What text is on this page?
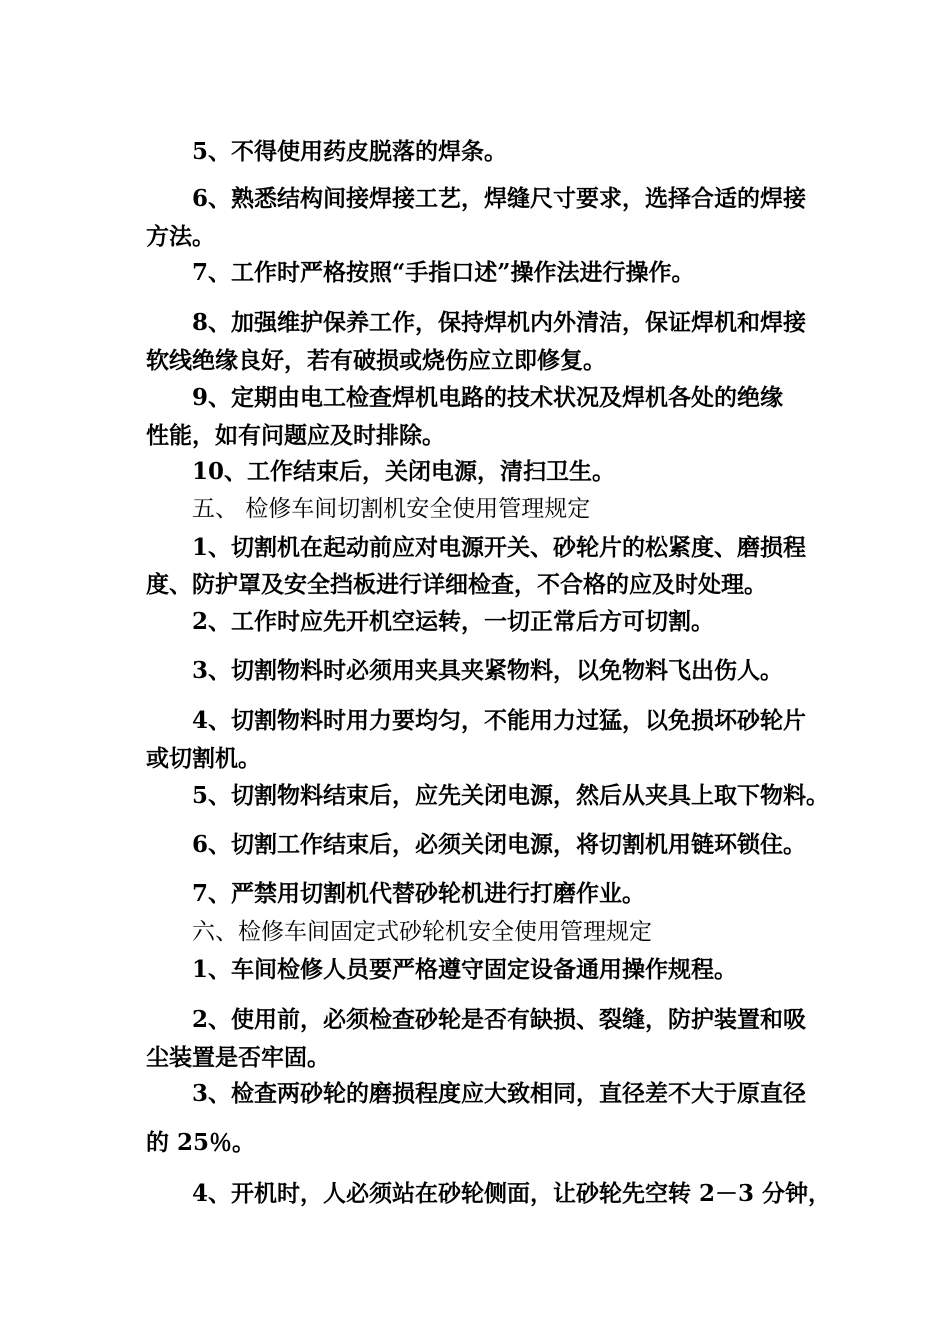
5、不得使用药皮脱落的焊条。

6、熟悉结构间接焊接工艺，焊缝尺寸要求，选择合适的焊接

方法。

7、工作时严格按照“手指口述”操作法进行操作。

8、加强维护保养工作，保持焊机内外清洁，保证焊机和焊接

软线绝缘良好，若有破损或烧伤应立即修复。

9、定期由电工检查焊机电路的技术状况及焊机各处的绝缘

性能，如有问题应及时排除。

10、工作结束后，关闭电源，清扫卫生。

五、 检修车间切割机安全使用管理规定

1、切割机在起动前应对电源开关、砂轮片的松紧度、磨损程

度、防护罩及安全挡板进行详细检查，不合格的应及时处理。

2、工作时应先开机空运转，一切正常后方可切割。

3、切割物料时必须用夹具夹紧物料，以免物料飞出伤人。

4、切割物料时用力要均匀，不能用力过猛，以免损坏砂轮片

或切割机。

5、切割物料结束后，应先关闭电源，然后从夹具上取下物料。

6、切割工作结束后，必须关闭电源，将切割机用链环锁住。

7、严禁用切割机代替砂轮机进行打磨作业。

六、检修车间固定式砂轮机安全使用管理规定

1、车间检修人员要严格遵守固定设备通用操作规程。

2、使用前，必须检查砂轮是否有缺损、裂缝，防护装置和吸

尘装置是否牢固。

3、检查两砂轮的磨损程度应大致相同，直径差不大于原直径

的 25％。

4、开机时，人必须站在砂轮侧面，让砂轮先空转 2－3 分钟，
